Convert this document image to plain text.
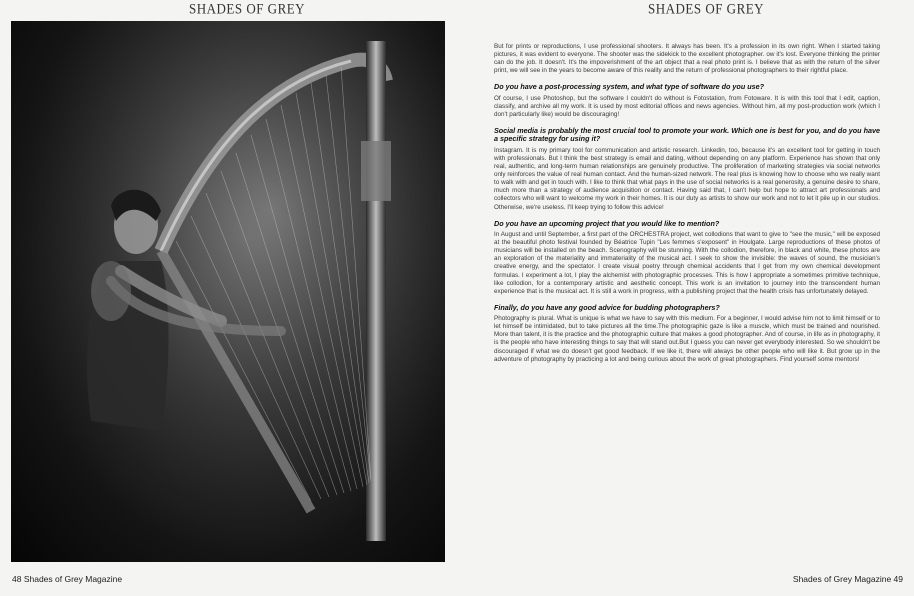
SHADES OF GREY	SHADES OF GREY

But for prints or reproductions, I use professional shooters. It always has been. It's a profession in its own right. When I started taking pictures, it was evident to everyone. The shooter was the sidekick to the excellent photographer. ow it's lost. Everyone thinking the printer can do the job. It doesn't. It's the impoverishment of the art object that a real photo print is. I believe that as with the return of the silver print, we will see in the years to become aware of this reality and the return of professional photographers to their rightful place.

Do you have a post-processing system, and what type of software do you use?

Of course, I use Photoshop, but the software I couldn't do without is Fotostation, from Fotoware. It is with this tool that I edit, caption, classify, and archive all my work. It is used by most editorial offices and news agencies. Without him, all my post-production work (which I don't particularly like) would be discouraging!

Social media is probably the most crucial tool to promote your work. Which one is best for you, and do you have a specific strategy for using it?

Instagram. It is my primary tool for communication and artistic research. Linkedin, too, because it's an excellent tool for getting in touch with professionals. But I think the best strategy is email and dating, without depending on any platform. Experience has shown that only real, authentic, and long-term human relationships are genuinely productive. The proliferation of marketing strategies via social networks only reinforces the value of real human contact. And the human-sized network. The real plus is knowing how to choose who we really want to walk with and get in touch with. I like to think that what pays in the use of social networks is a real generosity, a genuine desire to share, much more than a strategy of audience acquisition or contact. Having said that, I can't help but hope to attract art professionals and collectors who will want to welcome my work in their homes. It is our duty as artists to show our work and not to let it pile up in our studios. Otherwise, we're useless. I'll keep trying to follow this advice!

Do you have an upcoming project that you would like to mention?

In August and until September, a first part of the ORCHESTRA project, wet collodions that want to give to "see the music," will be exposed at the beautiful photo festival founded by Béatrice Tupin "Les femmes s'exposent" in Houlgate. Large reproductions of these photos of musicians will be installed on the beach. Scenography will be stunning. With the collodion, therefore, in black and white, these photos are an exploration of the materiality and immateriality of the musical act. I seek to show the invisible: the waves of sound, the musician's creative energy, and the spectator. I create visual poetry through chemical accidents that I get from my own chemical development formulas. I experiment a lot, I play the alchemist with photographic processes. This is how I appropriate a sometimes primitive technique, like collodion, for a contemporary artistic and aesthetic concept. This work is an invitation to journey into the transcendent human experience that is the musical act. It is still a work in progress, with a publishing project that the health crisis has unfortunately delayed.

Finally, do you have any good advice for budding photographers?

Photography is plural. What is unique is what we have to say with this medium. For a beginner, I would advise him not to limit himself or to let himself be intimidated, but to take pictures all the time.The photographic gaze is like a muscle, which must be trained and nourished. More than talent, it is the practice and the photographic culture that makes a good photographer. And of course, in life as in photography, it is the people who have interesting things to say that will stand out.But I guess you can never get everybody interested. So we shouldn't be discouraged if what we do doesn't get good feedback. If we like it, there will always be other people who will like it. But grow up in the adventure of photography by practicing a lot and being curious about the work of great photographers. Find yourself some mentors!

48 Shades of Grey Magazine	Shades of Grey Magazine 49
